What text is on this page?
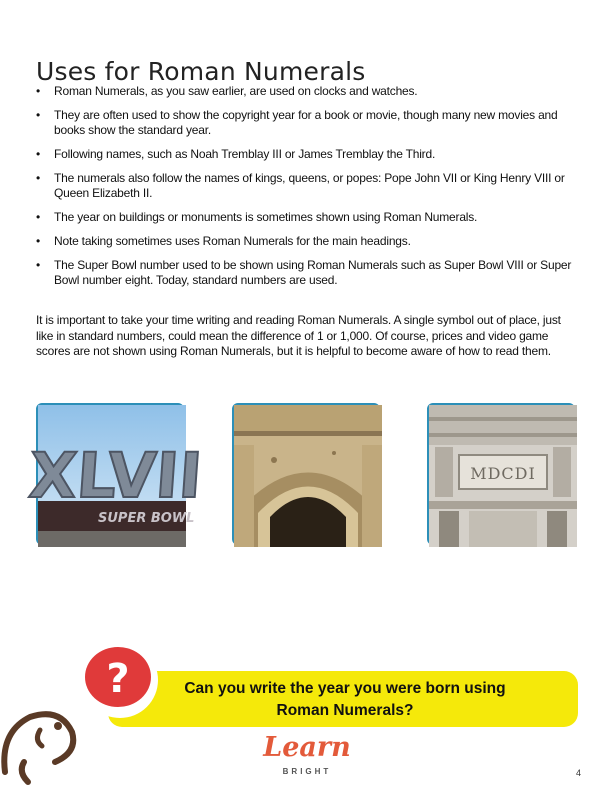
Uses for Roman Numerals
• Roman Numerals, as you saw earlier, are used on clocks and watches.
• They are often used to show the copyright year for a book or movie, though many new movies and books show the standard year.
• Following names, such as Noah Tremblay III or James Tremblay the Third.
• The numerals also follow the names of kings, queens, or popes: Pope John VII or King Henry VIII or Queen Elizabeth II.
• The year on buildings or monuments is sometimes shown using Roman Numerals.
• Note taking sometimes uses Roman Numerals for the main headings.
• The Super Bowl number used to be shown using Roman Numerals such as Super Bowl VIII or Super Bowl number eight. Today, standard numbers are used.

It is important to take your time writing and reading Roman Numerals. A single symbol out of place, just like in standard numbers, could mean the difference of 1 or 1,000. Of course, prices and video game scores are not shown using Roman Numerals, but it is helpful to become aware of how to read them.

XLVII
SUPER BOWL
MDCDI
Can you write the year you were born using
Roman Numerals?
?
Learn
BRIGHT	4
